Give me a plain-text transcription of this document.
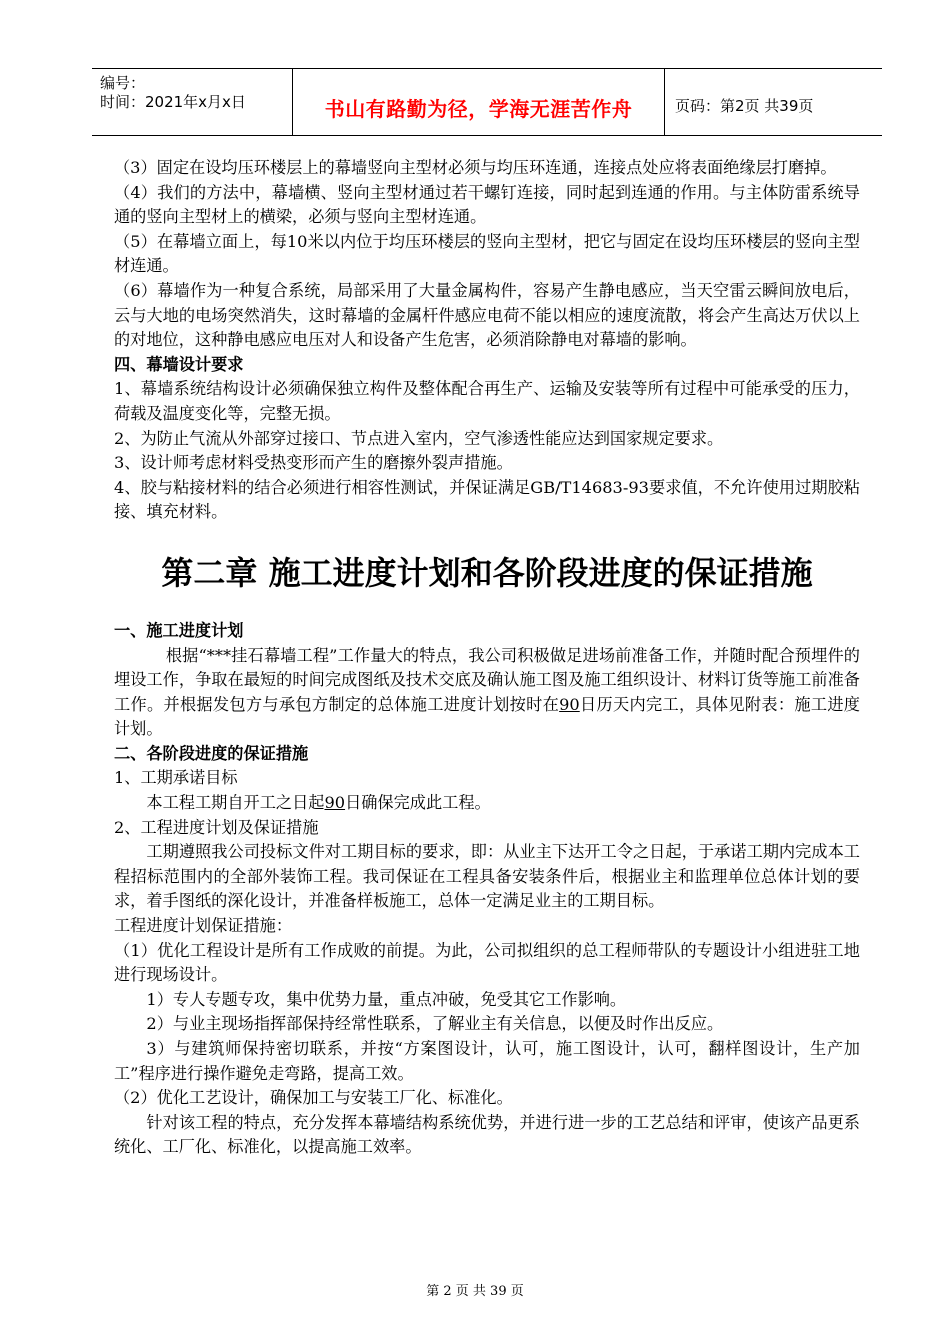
编号：
时间：2021年x月x日	书山有路勤为径，学海无涯苦作舟	页码：第2页 共39页

（3）固定在设均压环楼层上的幕墙竖向主型材必须与均压环连通，连接点处应将表面绝缘层打磨掉。

（4）我们的方法中，幕墙横、竖向主型材通过若干螺钉连接，同时起到连通的作用。与主体防雷系统导通的竖向主型材上的横梁，必须与竖向主型材连通。

（5）在幕墙立面上，每10米以内位于均压环楼层的竖向主型材，把它与固定在设均压环楼层的竖向主型材连通。

（6）幕墙作为一种复合系统，局部采用了大量金属构件，容易产生静电感应，当天空雷云瞬间放电后，云与大地的电场突然消失，这时幕墙的金属杆件感应电荷不能以相应的速度流散，将会产生高达万伏以上的对地位，这种静电感应电压对人和设备产生危害，必须消除静电对幕墙的影响。

四、幕墙设计要求

1、幕墙系统结构设计必须确保独立构件及整体配合再生产、运输及安装等所有过程中可能承受的压力，荷载及温度变化等，完整无损。

2、为防止气流从外部穿过接口、节点进入室内，空气渗透性能应达到国家规定要求。

3、设计师考虑材料受热变形而产生的磨擦外裂声措施。

4、胶与粘接材料的结合必须进行相容性测试，并保证满足GB/T14683-93要求值，不允许使用过期胶粘接、填充材料。

第二章 施工进度计划和各阶段进度的保证措施

一、施工进度计划

根据“***挂石幕墙工程”工作量大的特点，我公司积极做足进场前准备工作，并随时配合预埋件的埋设工作，争取在最短的时间完成图纸及技术交底及确认施工图及施工组织设计、材料订货等施工前准备工作。并根据发包方与承包方制定的总体施工进度计划按时在90日历天内完工，具体见附表：施工进度计划。

二、各阶段进度的保证措施

1、工期承诺目标

本工程工期自开工之日起90日确保完成此工程。

2、工程进度计划及保证措施

工期遵照我公司投标文件对工期目标的要求，即：从业主下达开工令之日起，于承诺工期内完成本工程招标范围内的全部外装饰工程。我司保证在工程具备安装条件后，根据业主和监理单位总体计划的要求，着手图纸的深化设计，并准备样板施工，总体一定满足业主的工期目标。

工程进度计划保证措施：

（1）优化工程设计是所有工作成败的前提。为此，公司拟组织的总工程师带队的专题设计小组进驻工地进行现场设计。

1）专人专题专攻，集中优势力量，重点冲破，免受其它工作影响。

2）与业主现场指挥部保持经常性联系，了解业主有关信息，以便及时作出反应。

3）与建筑师保持密切联系，并按“方案图设计，认可，施工图设计，认可，翻样图设计，生产加工”程序进行操作避免走弯路，提高工效。

（2）优化工艺设计，确保加工与安装工厂化、标准化。

针对该工程的特点，充分发挥本幕墙结构系统优势，并进行进一步的工艺总结和评审，使该产品更系统化、工厂化、标准化，以提高施工效率。

第 2 页 共 39 页
